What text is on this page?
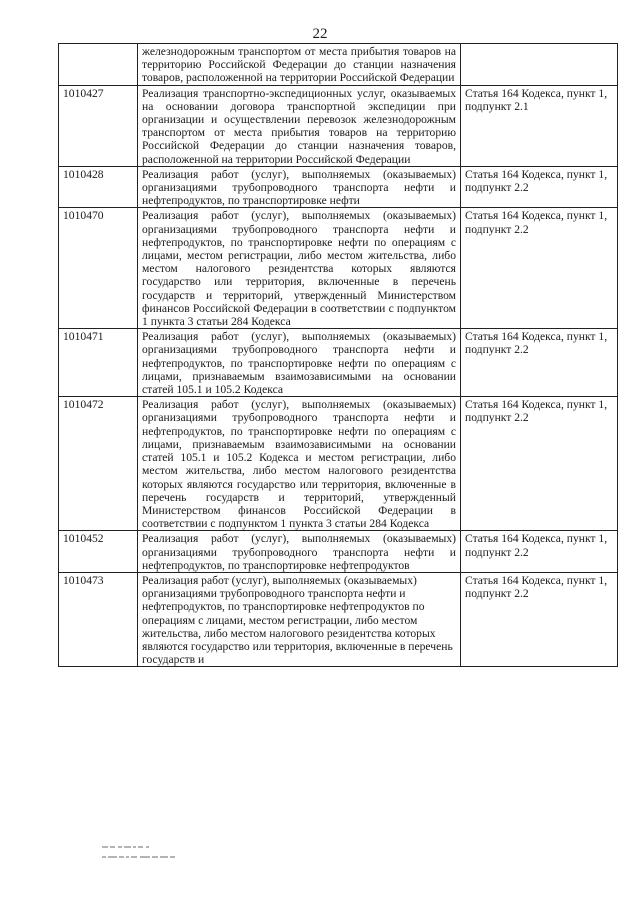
22
	железнодорожным транспортом от места прибытия товаров на территорию Российской Федерации до станции назначения товаров, расположенной на территории Российской Федерации	
1010427	Реализация транспортно-экспедиционных услуг, оказываемых на основании договора транспортной экспедиции при организации и осуществлении перевозок железнодорожным транспортом от места прибытия товаров на территорию Российской Федерации до станции назначения товаров, расположенной на территории Российской Федерации	Статья 164 Кодекса, пункт 1, подпункт 2.1
1010428	Реализация работ (услуг), выполняемых (оказываемых) организациями трубопроводного транспорта нефти и нефтепродуктов, по транспортировке нефти	Статья 164 Кодекса, пункт 1, подпункт 2.2
1010470	Реализация работ (услуг), выполняемых (оказываемых) организациями трубопроводного транспорта нефти и нефтепродуктов, по транспортировке нефти по операциям с лицами, местом регистрации, либо местом жительства, либо местом налогового резидентства которых являются государство или территория, включенные в перечень государств и территорий, утвержденный Министерством финансов Российской Федерации в соответствии с подпунктом 1 пункта 3 статьи 284 Кодекса	Статья 164 Кодекса, пункт 1, подпункт 2.2
1010471	Реализация работ (услуг), выполняемых (оказываемых) организациями трубопроводного транспорта нефти и нефтепродуктов, по транспортировке нефти по операциям с лицами, признаваемым взаимозависимыми на основании статей 105.1 и 105.2 Кодекса	Статья 164 Кодекса, пункт 1, подпункт 2.2
1010472	Реализация работ (услуг), выполняемых (оказываемых) организациями трубопроводного транспорта нефти и нефтепродуктов, по транспортировке нефти по операциям с лицами, признаваемым взаимозависимыми на основании статей 105.1 и 105.2 Кодекса и местом регистрации, либо местом жительства, либо местом налогового резидентства которых являются государство или территория, включенные в перечень государств и территорий, утвержденный Министерством финансов Российской Федерации в соответствии с подпунктом 1 пункта 3 статьи 284 Кодекса	Статья 164 Кодекса, пункт 1, подпункт 2.2
1010452	Реализация работ (услуг), выполняемых (оказываемых) организациями трубопроводного транспорта нефти и нефтепродуктов, по транспортировке нефтепродуктов	Статья 164 Кодекса, пункт 1, подпункт 2.2
1010473	Реализация работ (услуг), выполняемых (оказываемых) организациями трубопроводного транспорта нефти и нефтепродуктов, по транспортировке нефтепродуктов по операциям с лицами, местом регистрации, либо местом жительства, либо местом налогового резидентства которых являются государство или территория, включенные в перечень государств и	Статья 164 Кодекса, пункт 1, подпункт 2.2
